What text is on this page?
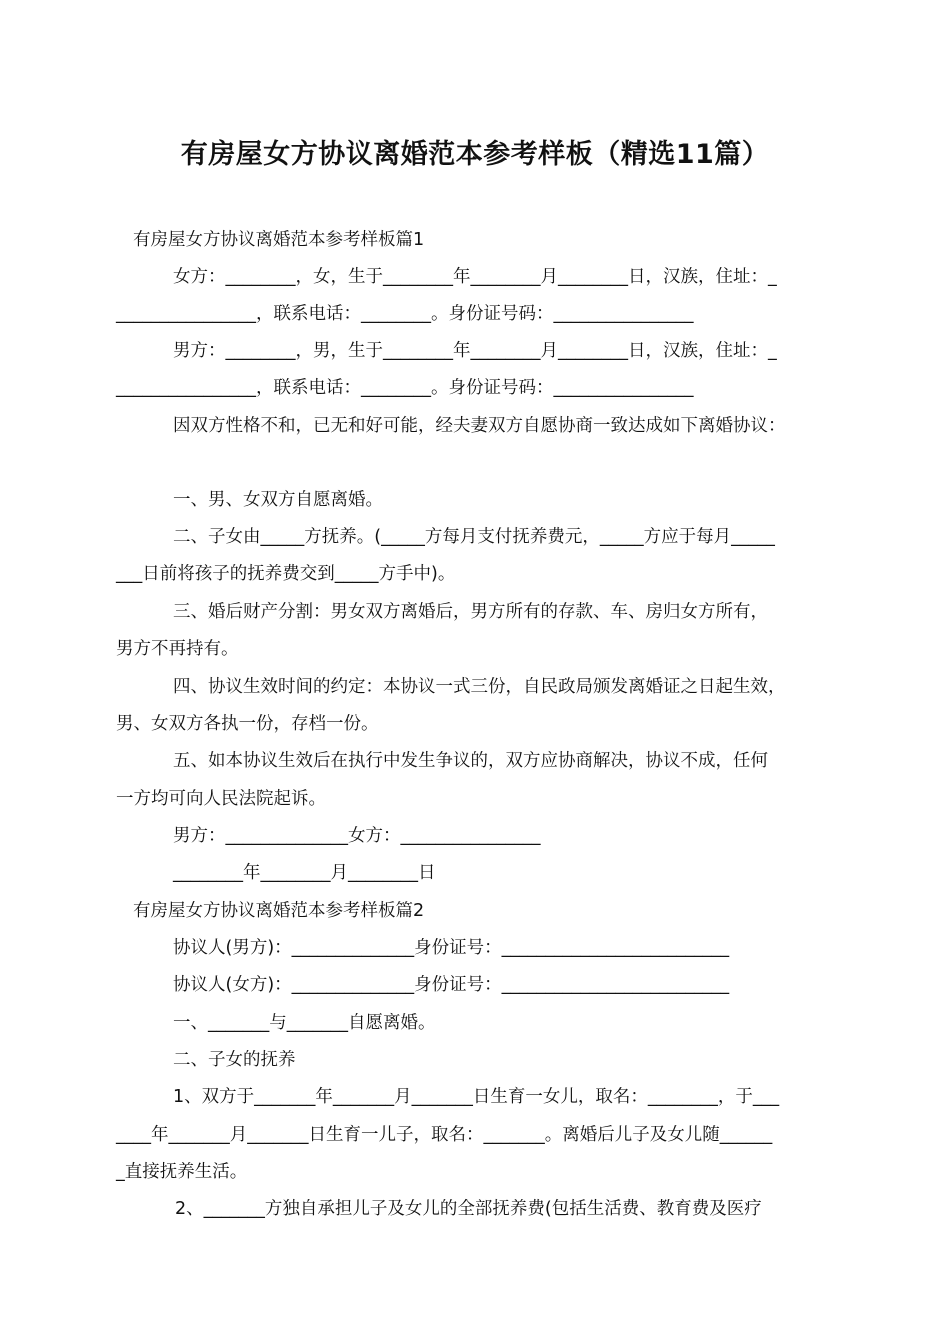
有房屋女方协议离婚范本参考样板（精选11篇）
有房屋女方协议离婚范本参考样板篇1
女方：________，女，生于________年________月________日，汉族，住址：_
________________，联系电话：________。身份证号码：________________
男方：________，男，生于________年________月________日，汉族，住址：_
________________，联系电话：________。身份证号码：________________
因双方性格不和，已无和好可能，经夫妻双方自愿协商一致达成如下离婚协议：
一、男、女双方自愿离婚。
二、子女由_____方抚养。(_____方每月支付抚养费元，_____方应于每月_____
___日前将孩子的抚养费交到_____方手中)。
三、婚后财产分割：男女双方离婚后，男方所有的存款、车、房归女方所有，
男方不再持有。
四、协议生效时间的约定：本协议一式三份，自民政局颁发离婚证之日起生效，
男、女双方各执一份，存档一份。
五、如本协议生效后在执行中发生争议的，双方应协商解决，协议不成，任何
一方均可向人民法院起诉。
男方：______________女方：________________
________年________月________日
有房屋女方协议离婚范本参考样板篇2
协议人(男方)：______________身份证号：__________________________
协议人(女方)：______________身份证号：__________________________
一、_______与_______自愿离婚。
二、子女的抚养
1、双方于_______年_______月_______日生育一女儿，取名：________，于___
____年_______月_______日生育一儿子，取名：_______。离婚后儿子及女儿随______
_直接抚养生活。
2、_______方独自承担儿子及女儿的全部抚养费(包括生活费、教育费及医疗
